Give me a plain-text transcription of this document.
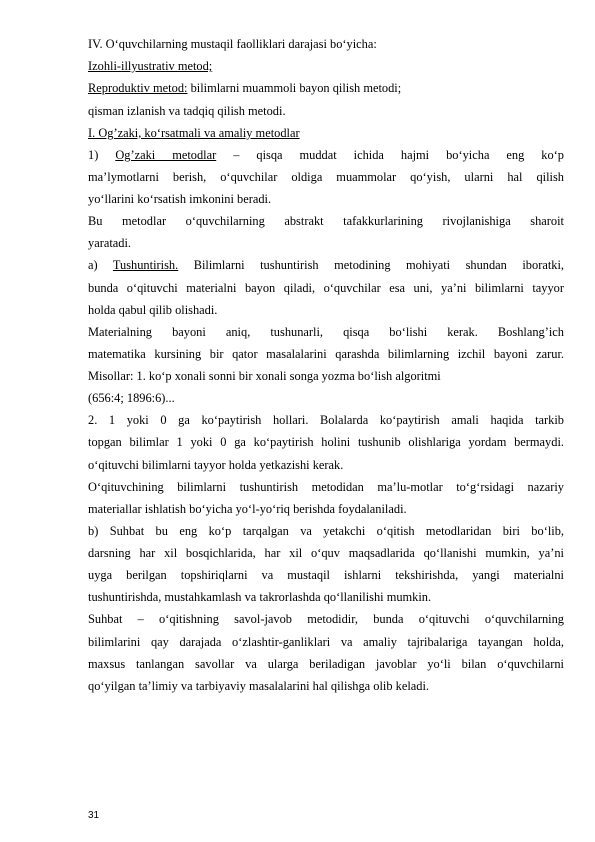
IV. O‘quvchilarning mustaqil faolliklari darajasi bo‘yicha:
Izohli-illyustrativ metod;
Reproduktiv metod: bilimlarni muammoli bayon qilish metodi;
qisman izlanish va tadqiq qilish metodi.
I. Og’zaki, ko‘rsatmali va amaliy metodlar
1) Og’zaki metodlar – qisqa muddat ichida hajmi bo‘yicha eng ko‘p
ma’lymotlarni berish, o‘quvchilar oldiga muammolar qo‘yish, ularni hal qilish
yo‘llarini ko‘rsatish imkonini beradi.
Bu metodlar o‘quvchilarning abstrakt tafakkurlarining rivojlanishiga sharoit
yaratadi.
a) Tushuntirish. Bilimlarni tushuntirish metodining mohiyati shundan iboratki,
bunda o‘qituvchi materialni bayon qiladi, o‘quvchilar esa uni, ya’ni bilimlarni tayyor
holda qabul qilib olishadi.
Materialning bayoni aniq, tushunarli, qisqa bo‘lishi kerak. Boshlang’ich
matematika kursining bir qator masalalarini qarashda bilimlarning izchil bayoni zarur.
Misollar: 1. ko‘p xonali sonni bir xonali songa yozma bo‘lish algoritmi
(656:4; 1896:6)...
2. 1 yoki 0 ga ko‘paytirish hollari. Bolalarda ko‘paytirish amali haqida tarkib
topgan bilimlar 1 yoki 0 ga ko‘paytirish holini tushunib olishlariga yordam bermaydi.
o‘qituvchi bilimlarni tayyor holda yetkazishi kerak.
O‘qituvchining bilimlarni tushuntirish metodidan ma’lu-motlar to‘g‘rsidagi nazariy
materiallar ishlatish bo‘yicha yo‘l-yo‘riq berishda foydalaniladi.
b) Suhbat bu eng ko‘p tarqalgan va yetakchi o‘qitish metodlaridan biri bo‘lib,
darsning har xil bosqichlarida, har xil o‘quv maqsadlarida qo‘llanishi mumkin, ya’ni
uyga berilgan topshiriqlarni va mustaqil ishlarni tekshirishda, yangi materialni
tushuntirishda, mustahkamlash va takrorlashda qo‘llanilishi mumkin.
Suhbat – o‘qitishning savol-javob metodidir, bunda o‘qituvchi o‘quvchilarning
bilimlarini qay darajada o‘zlashtir-ganliklari va amaliy tajribalariga tayangan holda,
maxsus tanlangan savollar va ularga beriladigan javoblar yo‘li bilan o‘quvchilarni
qo‘yilgan ta’limiy va tarbiyaviy masalalarini hal qilishga olib keladi.
31
